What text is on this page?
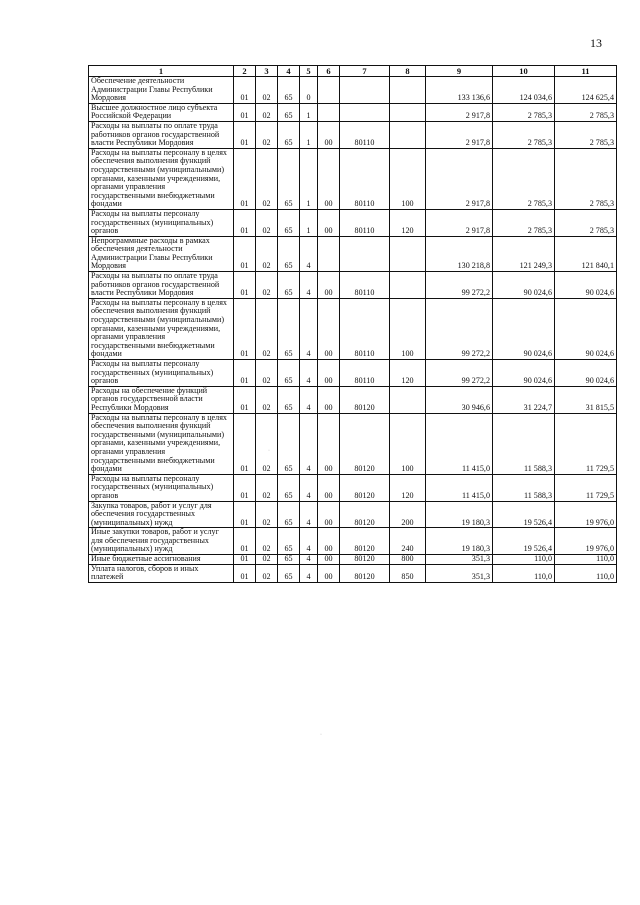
13
1	2	3	4	5	6	7	8	9	10	11
Обеспечение деятельности Администрации Главы Республики Мордовия	01	02	65	0				133 136,6	124 034,6	124 625,4
Высшее должностное лицо субъекта Российской Федерации	01	02	65	1				2 917,8	2 785,3	2 785,3
Расходы на выплаты по оплате труда работников органов государственной власти Республики Мордовия	01	02	65	1	00	80110		2 917,8	2 785,3	2 785,3
Расходы на выплаты персоналу в целях обеспечения выполнения функций государственными (муниципальными) органами, казенными учреждениями, органами управления государственными внебюджетными фондами	01	02	65	1	00	80110	100	2 917,8	2 785,3	2 785,3
Расходы на выплаты персоналу государственных (муниципальных) органов	01	02	65	1	00	80110	120	2 917,8	2 785,3	2 785,3
Непрограммные расходы в рамках обеспечения деятельности Администрации Главы Республики Мордовия	01	02	65	4				130 218,8	121 249,3	121 840,1
Расходы на выплаты по оплате труда работников органов государственной власти Республики Мордовия	01	02	65	4	00	80110		99 272,2	90 024,6	90 024,6
Расходы на выплаты персоналу в целях обеспечения выполнения функций государственными (муниципальными) органами, казенными учреждениями, органами управления государственными внебюджетными фондами	01	02	65	4	00	80110	100	99 272,2	90 024,6	90 024,6
Расходы на выплаты персоналу государственных (муниципальных) органов	01	02	65	4	00	80110	120	99 272,2	90 024,6	90 024,6
Расходы на обеспечение функций органов государственной власти Республики Мордовия	01	02	65	4	00	80120		30 946,6	31 224,7	31 815,5
Расходы на выплаты персоналу в целях обеспечения выполнения функций государственными (муниципальными) органами, казенными учреждениями, органами управления государственными внебюджетными фондами	01	02	65	4	00	80120	100	11 415,0	11 588,3	11 729,5
Расходы на выплаты персоналу государственных (муниципальных) органов	01	02	65	4	00	80120	120	11 415,0	11 588,3	11 729,5
Закупка товаров, работ и услуг для обеспечения государственных (муниципальных) нужд	01	02	65	4	00	80120	200	19 180,3	19 526,4	19 976,0
Иные закупки товаров, работ и услуг для обеспечения государственных (муниципальных) нужд	01	02	65	4	00	80120	240	19 180,3	19 526,4	19 976,0
Иные бюджетные ассигнования	01	02	65	4	00	80120	800	351,3	110,0	110,0
Уплата налогов, сборов и иных платежей	01	02	65	4	00	80120	850	351,3	110,0	110,0
·
·
